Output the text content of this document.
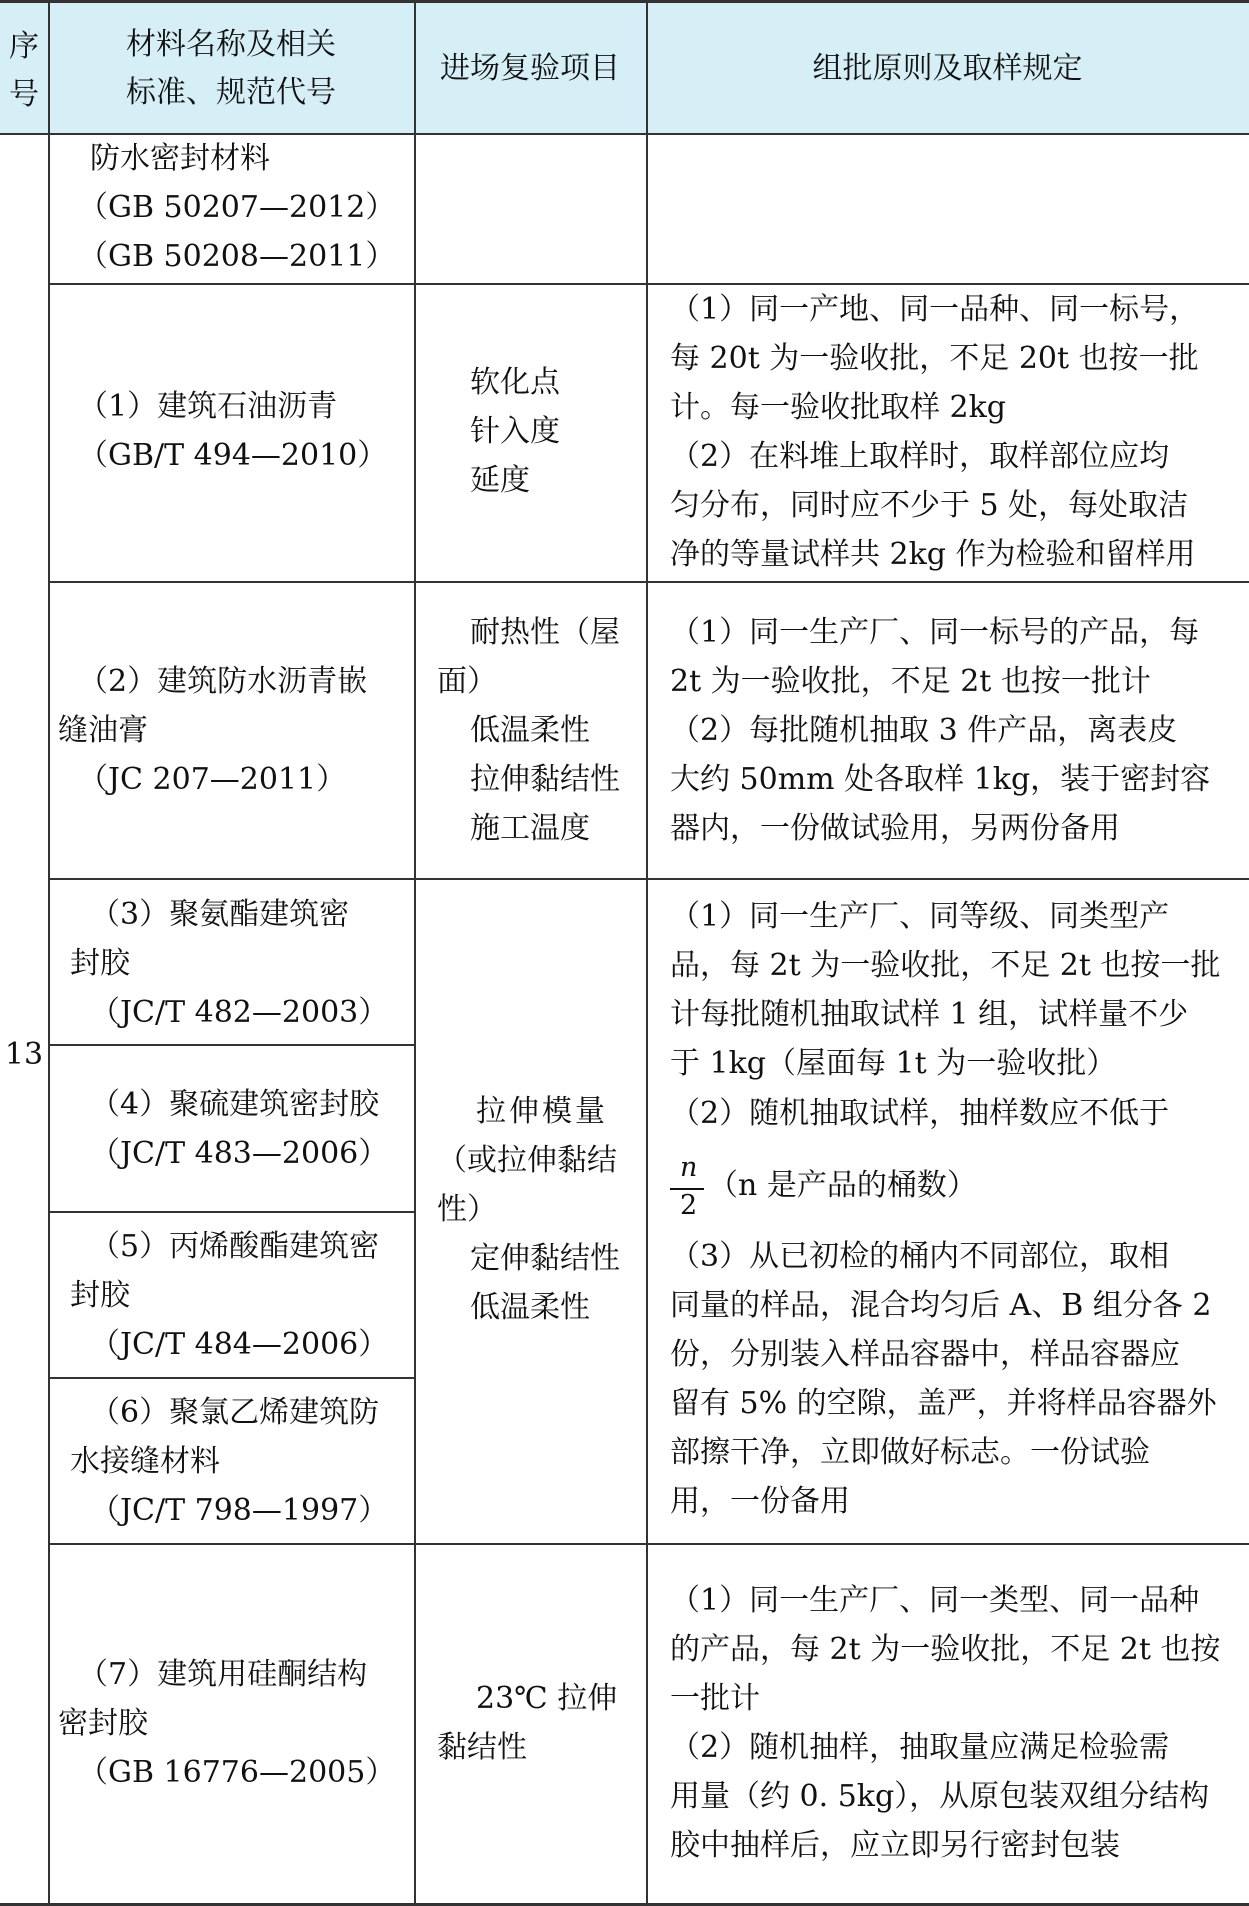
序
号
材料名称及相关
标准、规范代号
进场复验项目	组批原则及取样规定
13
防水密封材料
（GB 50207—2012）
（GB 50208—2011）
（1）建筑石油沥青
（GB/T 494—2010）
软化点
针入度
延度
（1）同一产地、同一品种、同一标号，
每 20t 为一验收批，不足 20t 也按一批
计。每一验收批取样 2kg
（2）在料堆上取样时，取样部位应均
匀分布，同时应不少于 5 处，每处取洁
净的等量试样共 2kg 作为检验和留样用
（2）建筑防水沥青嵌
缝油膏
（JC 207—2011）
耐热性（屋
面）
低温柔性
拉伸黏结性
施工温度
（1）同一生产厂、同一标号的产品，每
2t 为一验收批，不足 2t 也按一批计
（2）每批随机抽取 3 件产品，离表皮
大约 50mm 处各取样 1kg，装于密封容
器内，一份做试验用，另两份备用
（3）聚氨酯建筑密
封胶
（JC/T 482—2003）
（4）聚硫建筑密封胶
（JC/T 483—2006）
（5）丙烯酸酯建筑密
封胶
（JC/T 484—2006）
（6）聚氯乙烯建筑防
水接缝材料
（JC/T 798—1997）
拉伸模量
（或拉伸黏结
性）
定伸黏结性
低温柔性
（1）同一生产厂、同等级、同类型产
品，每 2t 为一验收批，不足 2t 也按一批
计每批随机抽取试样 1 组，试样量不少
于 1kg（屋面每 1t 为一验收批）
（2）随机抽取试样，抽样数应不低于
n
2
（n 是产品的桶数）
（3）从已初检的桶内不同部位，取相
同量的样品，混合均匀后 A、B 组分各 2
份，分别装入样品容器中，样品容器应
留有 5% 的空隙，盖严，并将样品容器外
部擦干净，立即做好标志。一份试验
用，一份备用
（7）建筑用硅酮结构
密封胶
（GB 16776—2005）
23℃ 拉伸
黏结性
（1）同一生产厂、同一类型、同一品种
的产品，每 2t 为一验收批，不足 2t 也按
一批计
（2）随机抽样，抽取量应满足检验需
用量（约 0. 5kg），从原包装双组分结构
胶中抽样后，应立即另行密封包装
